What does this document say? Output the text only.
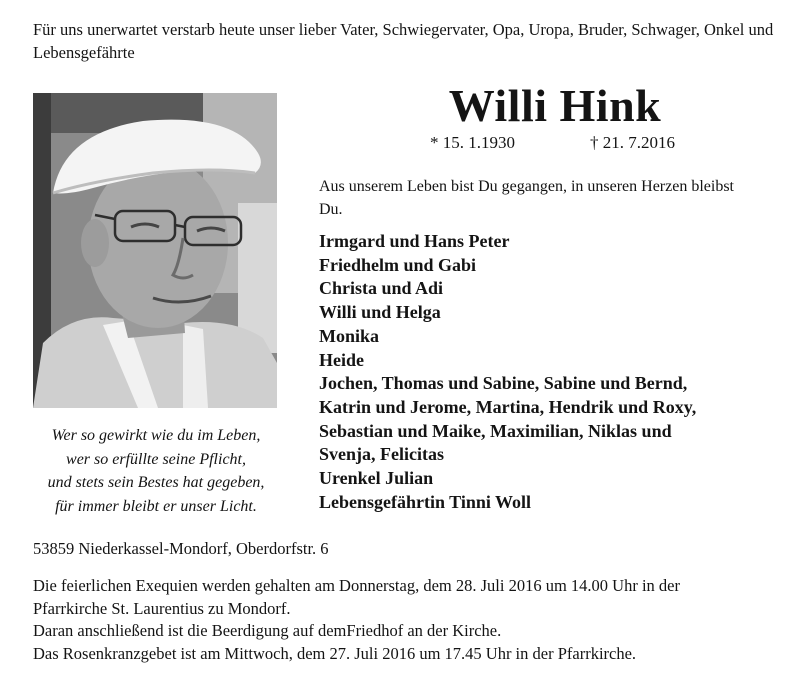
Für uns unerwartet verstarb heute unser lieber Vater, Schwiegervater, Opa, Uropa, Bruder, Schwager, Onkel und Lebensgefährte

Wer so gewirkt wie du im Leben,
wer so erfüllte seine Pflicht,
und stets sein Bestes hat gegeben,
für immer bleibt er unser Licht.
Willi Hink
* 15. 1.1930	† 21. 7.2016
Aus unserem Leben bist Du gegangen, in unseren Herzen bleibst Du.
Irmgard und Hans Peter
Friedhelm und Gabi
Christa und Adi
Willi und Helga
Monika
Heide
Jochen, Thomas und Sabine, Sabine und Bernd,
Katrin und Jerome, Martina, Hendrik und Roxy,
Sebastian und Maike, Maximilian, Niklas und
Svenja, Felicitas
Urenkel Julian
Lebensgefährtin Tinni Woll
53859 Niederkassel-Mondorf, Oberdorfstr. 6
Die feierlichen Exequien werden gehalten am Donnerstag, dem 28. Juli 2016 um 14.00 Uhr in der
Pfarrkirche St. Laurentius zu Mondorf.
Daran anschließend ist die Beerdigung auf demFriedhof an der Kirche.
Das Rosenkranzgebet ist am Mittwoch, dem 27. Juli 2016 um 17.45 Uhr in der Pfarrkirche.
